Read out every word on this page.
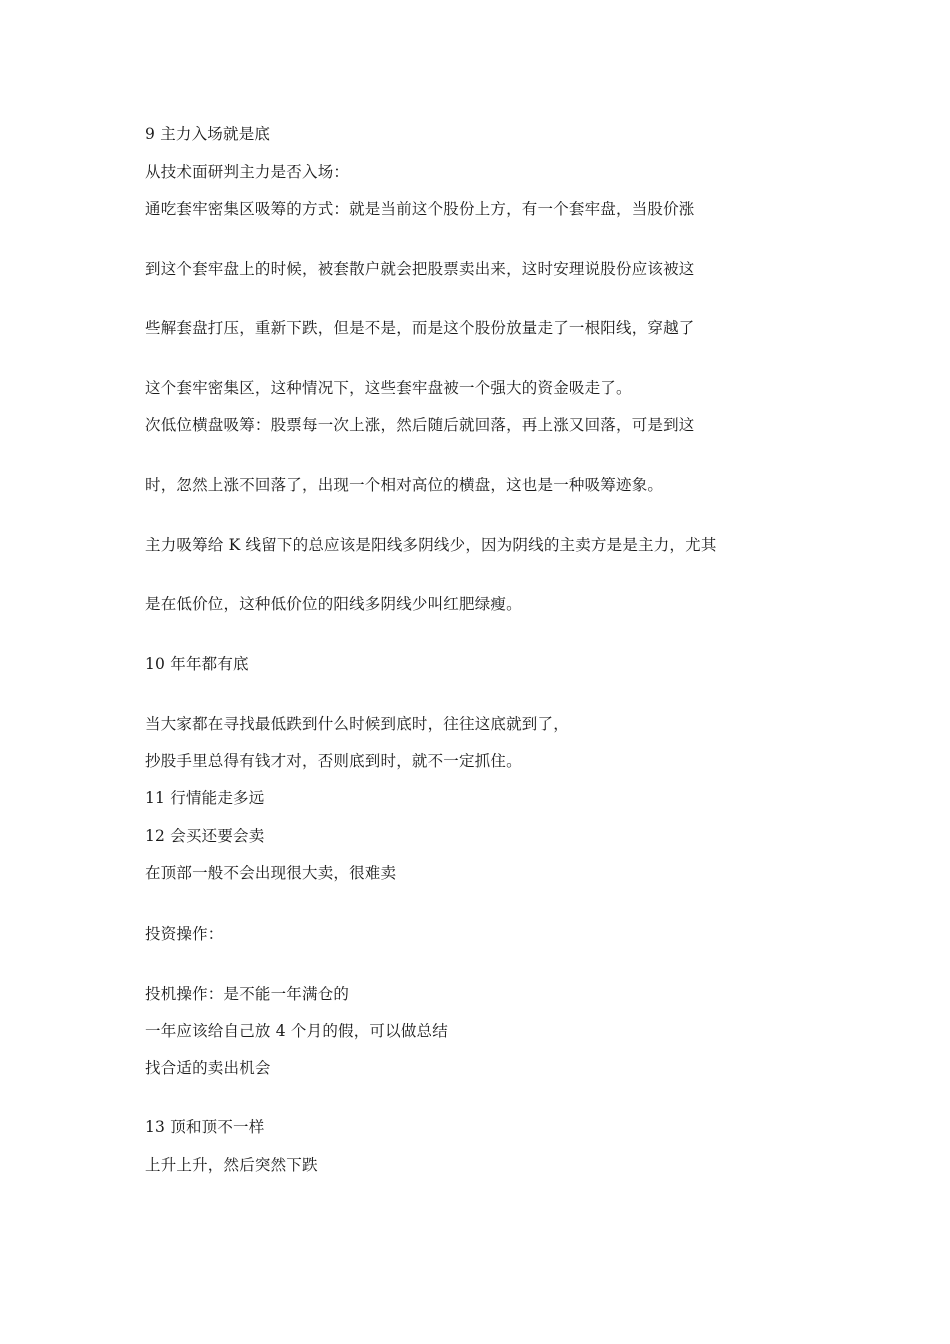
9 主力入场就是底
从技术面研判主力是否入场：
通吃套牢密集区吸筹的方式：就是当前这个股份上方，有一个套牢盘，当股价涨
到这个套牢盘上的时候，被套散户就会把股票卖出来，这时安理说股份应该被这
些解套盘打压，重新下跌，但是不是，而是这个股份放量走了一根阳线，穿越了
这个套牢密集区，这种情况下，这些套牢盘被一个强大的资金吸走了。
次低位横盘吸筹：股票每一次上涨，然后随后就回落，再上涨又回落，可是到这
时，忽然上涨不回落了，出现一个相对高位的横盘，这也是一种吸筹迹象。
主力吸筹给 K 线留下的总应该是阳线多阴线少，因为阴线的主卖方是是主力，尤其
是在低价位，这种低价位的阳线多阴线少叫红肥绿瘦。
10 年年都有底
当大家都在寻找最低跌到什么时候到底时，往往这底就到了，
抄股手里总得有钱才对，否则底到时，就不一定抓住。
11 行情能走多远
12 会买还要会卖
在顶部一般不会出现很大卖，很难卖
投资操作：
投机操作：是不能一年满仓的
一年应该给自己放 4 个月的假，可以做总结
找合适的卖出机会
13 顶和顶不一样
上升上升，然后突然下跌
